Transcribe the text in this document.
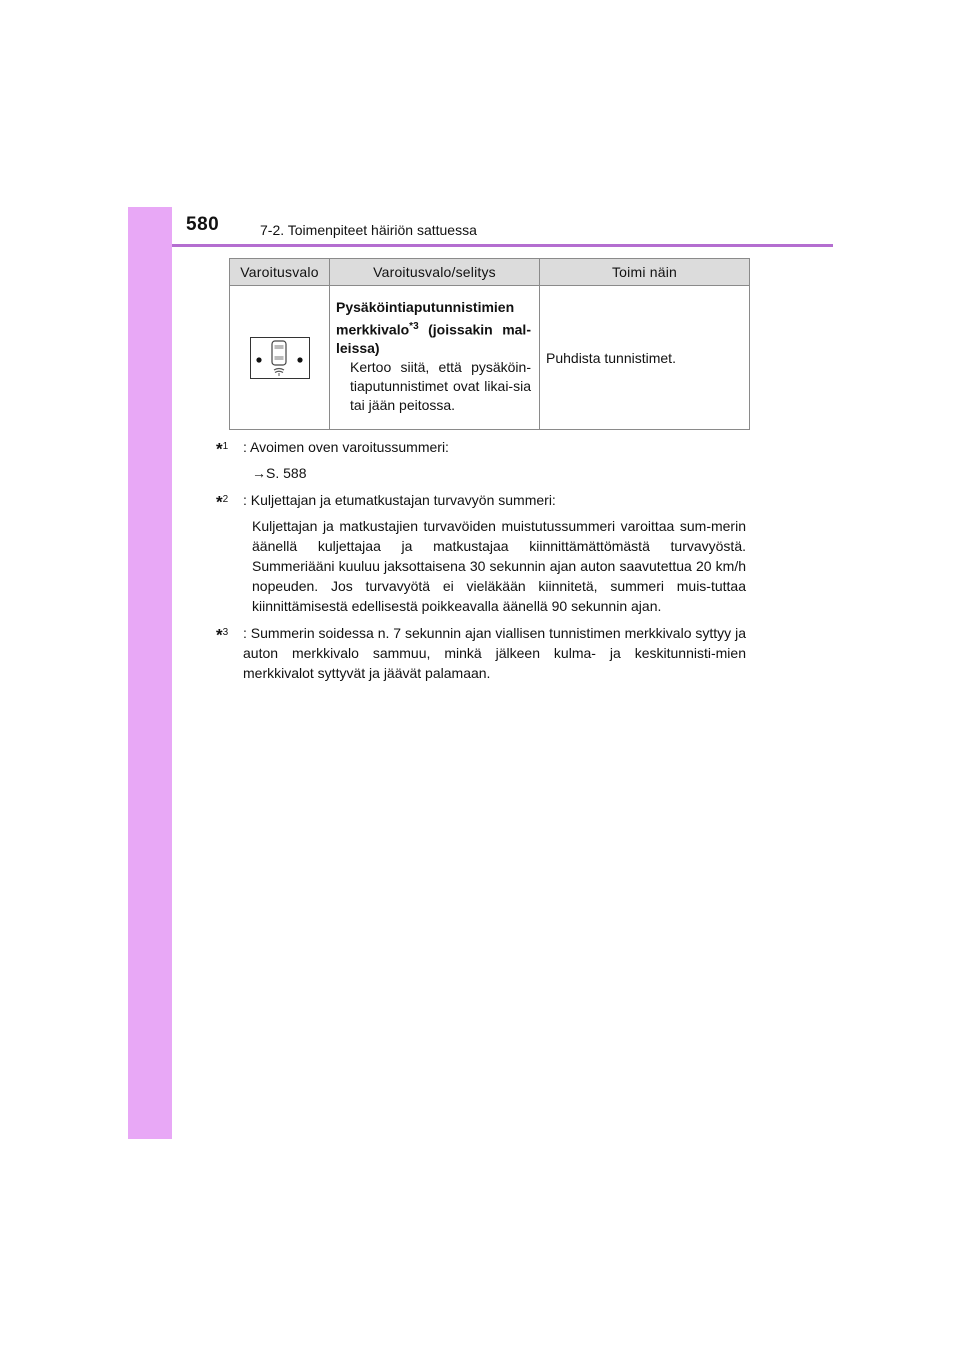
580	7-2. Toimenpiteet häiriön sattuessa
Varoitusvalo	Varoitusvalo/selitys	Toimi näin

Pysäköintiaputunnistimien merkkivalo$^{*3}$ (joissakin mal-leissa)
Kertoo siitä, että pysäköin-tiaputunnistimet ovat likai-sia tai jään peitossa.	Puhdista tunnistimet.
*$^1$ : Avoimen oven varoitussummeri:

→S. 588

*$^2$ : Kuljettajan ja etumatkustajan turvavyön summeri:

Kuljettajan ja matkustajien turvavöiden muistutussummeri varoittaa sum-merin äänellä kuljettajaa ja matkustajaa kiinnittämättömästä turvavyöstä. Summeriääni kuuluu jaksottaisena 30 sekunnin ajan auton saavutettua 20 km/h nopeuden. Jos turvavyötä ei vieläkään kiinnitetä, summeri muis-tuttaa kiinnittämisestä edellisestä poikkeavalla äänellä 90 sekunnin ajan.

*$^3$ : Summerin soidessa n. 7 sekunnin ajan viallisen tunnistimen merkkivalo syttyy ja auton merkkivalo sammuu, minkä jälkeen kulma- ja keskitunnisti-mien merkkivalot syttyvät ja jäävät palamaan.
